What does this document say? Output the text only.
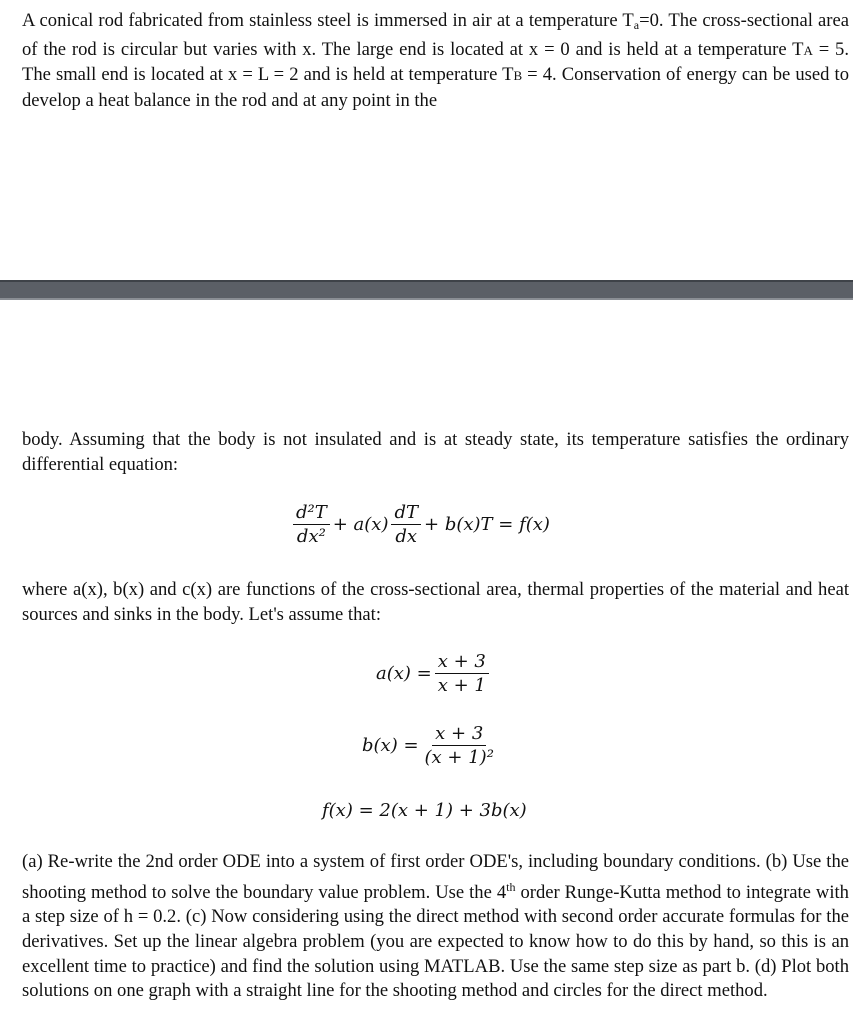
A conical rod fabricated from stainless steel is immersed in air at a temperature Ta=0. The cross-sectional area of the rod is circular but varies with x. The large end is located at x = 0 and is held at a temperature TA = 5. The small end is located at x = L = 2 and is held at temperature TB = 4. Conservation of energy can be used to develop a heat balance in the rod and at any point in the

body. Assuming that the body is not insulated and is at steady state, its temperature satisfies the ordinary differential equation:

$\frac{\text{d²T}}{\text{dx²}} + a(x) \frac{dT}{dx} + b(x)T = f(x)$

where a(x), b(x) and c(x) are functions of the cross-sectional area, thermal properties of the material and heat sources and sinks in the body. Let's assume that:

$a(x) = \frac{x + 3}{x + 1}$
$b(x) = \frac{x + 3}{\text{(x + 1)²}}$
f(x) = 2(x + 1) + 3b(x)

(a) Re-write the 2nd order ODE into a system of first order ODE's, including boundary conditions. (b) Use the shooting method to solve the boundary value problem. Use the 4th order Runge-Kutta method to integrate with a step size of h = 0.2. (c) Now considering using the direct method with second order accurate formulas for the derivatives. Set up the linear algebra problem (you are expected to know how to do this by hand, so this is an excellent time to practice) and find the solution using MATLAB. Use the same step size as part b. (d) Plot both solutions on one graph with a straight line for the shooting method and circles for the direct method.
